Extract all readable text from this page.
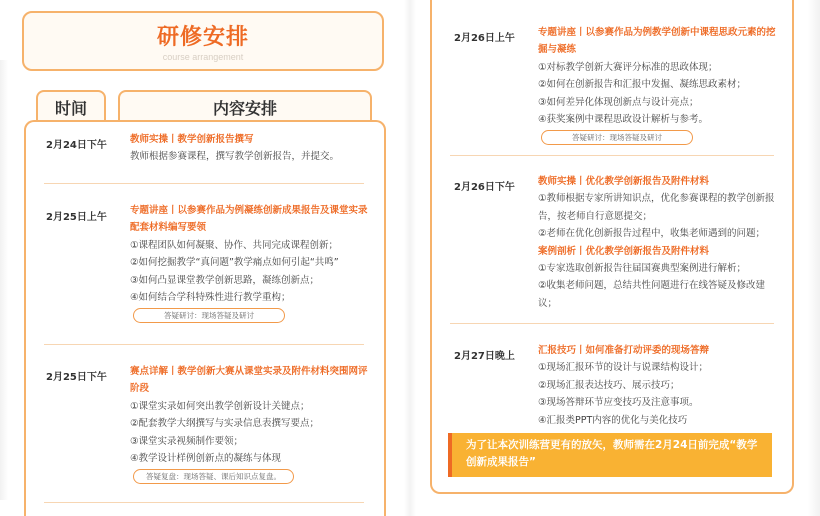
研修安排
course arrangement
时间	内容安排
2月24日下午
教师实操丨教学创新报告撰写
教师根据参赛课程，撰写教学创新报告，并提交。
2月25日上午
专题讲座丨以参赛作品为例凝练创新成果报告及课堂实录配套材料编写要领
①课程团队如何凝聚、协作、共同完成课程创新；
②如何挖掘教学“真问题”教学痛点如何引起“共鸣”
③如何凸显课堂教学创新思路，凝练创新点；
④如何结合学科特殊性进行教学重构；
答疑研讨：现场答疑及研讨
2月25日下午
赛点详解丨教学创新大赛从课堂实录及附件材料突围网评阶段
①课堂实录如何突出教学创新设计关键点；
②配套教学大纲撰写与实录信息表撰写要点；
③课堂实录视频制作要领；
④教学设计样例创新点的凝练与体现
答疑复盘：现场答疑、课后知识点复盘。
2月26日上午
专题讲座丨以参赛作品为例教学创新中课程思政元素的挖掘与凝练
①对标教学创新大赛评分标准的思政体现；
②如何在创新报告和汇报中发掘、凝练思政素材；
③如何差异化体现创新点与设计亮点；
④获奖案例中课程思政设计解析与参考。
答疑研讨：现场答疑及研讨
2月26日下午
教师实操丨优化教学创新报告及附件材料
①教师根据专家所讲知识点，优化参赛课程的教学创新报告，按老师自行意愿提交；
②老师在优化创新报告过程中，收集老师遇到的问题；
案例剖析丨优化教学创新报告及附件材料
①专家选取创新报告往届国赛典型案例进行解析；
②收集老师问题，总结共性问题进行在线答疑及修改建议；
2月27日晚上
汇报技巧丨如何准备打动评委的现场答辩
①现场汇报环节的设计与说课结构设计；
②现场汇报表达技巧、展示技巧；
③现场答辩环节应变技巧及注意事项。
④汇报类PPT内容的优化与美化技巧
为了让本次训练营更有的放矢，教师需在2月24日前完成“教学创新成果报告”
